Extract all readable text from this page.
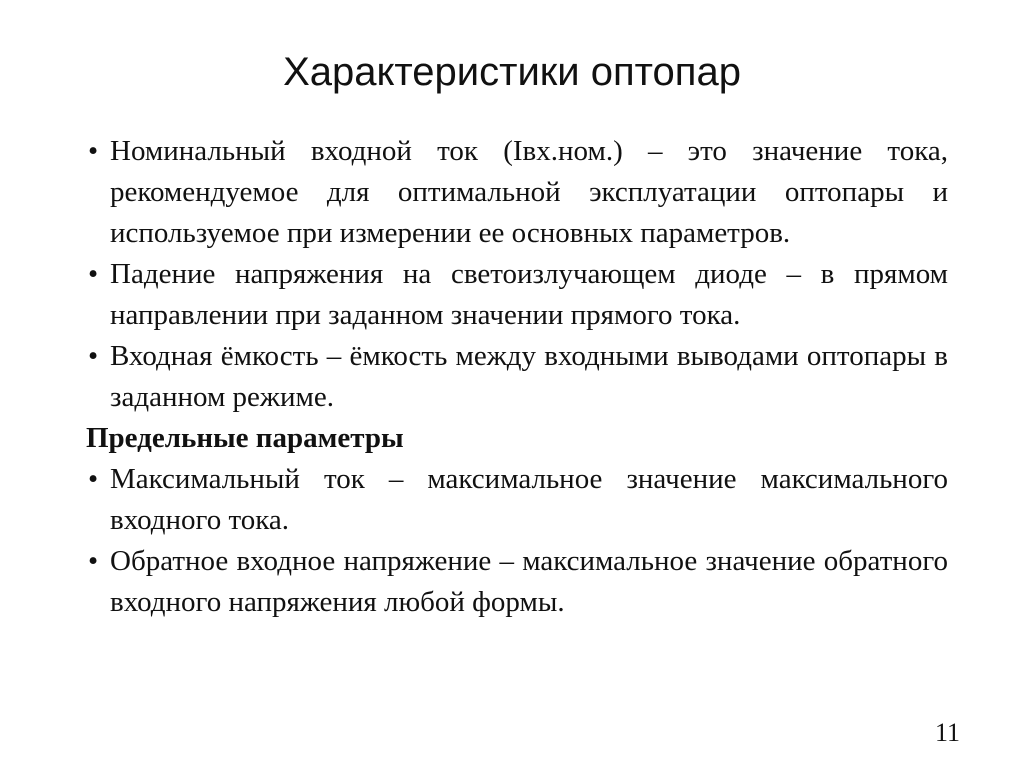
Характеристики оптопар
• Номинальный входной ток (Iвх.ном.) – это значение тока, рекомендуемое для оптимальной эксплуатации оптопары и используемое при измерении ее основных параметров.
• Падение напряжения на светоизлучающем диоде – в прямом направлении при заданном значении прямого тока.
• Входная ёмкость – ёмкость между входными выводами оптопары в заданном режиме.
Предельные параметры
• Максимальный ток – максимальное значение максимального входного тока.
• Обратное входное напряжение – максимальное значение обратного входного напряжения любой формы.
11
